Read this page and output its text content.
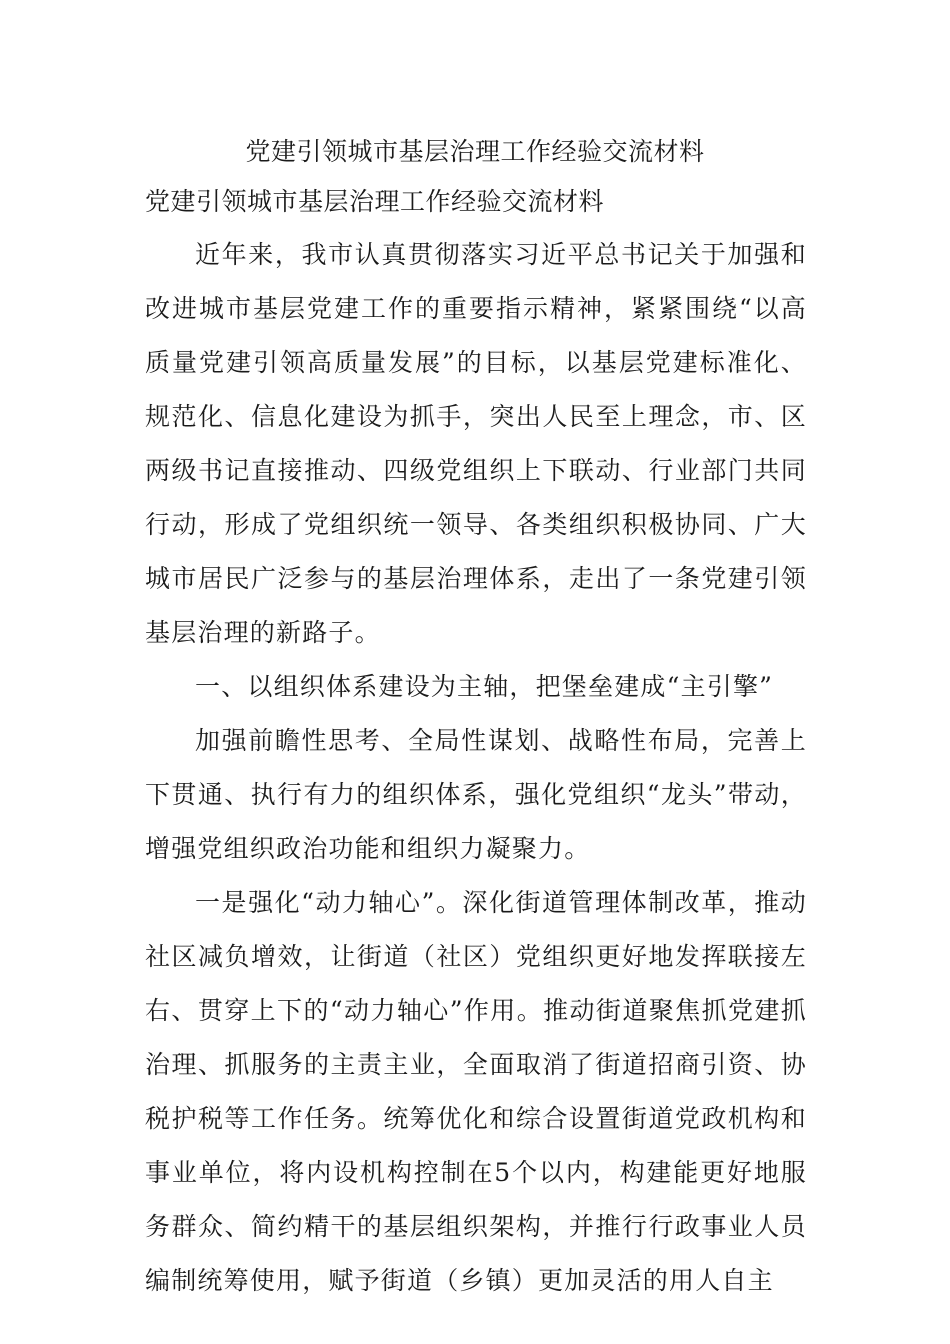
党建引领城市基层治理工作经验交流材料
党建引领城市基层治理工作经验交流材料

近年来，我市认真贯彻落实习近平总书记关于加强和改进城市基层党建工作的重要指示精神，紧紧围绕“以高质量党建引领高质量发展”的目标，以基层党建标准化、规范化、信息化建设为抓手，突出人民至上理念，市、区两级书记直接推动、四级党组织上下联动、行业部门共同行动，形成了党组织统一领导、各类组织积极协同、广大城市居民广泛参与的基层治理体系，走出了一条党建引领基层治理的新路子。

一、以组织体系建设为主轴，把堡垒建成“主引擎”

加强前瞻性思考、全局性谋划、战略性布局，完善上下贯通、执行有力的组织体系，强化党组织“龙头”带动，增强党组织政治功能和组织力凝聚力。

一是强化“动力轴心”。深化街道管理体制改革，推动社区减负增效，让街道（社区）党组织更好地发挥联接左右、贯穿上下的“动力轴心”作用。推动街道聚焦抓党建抓治理、抓服务的主责主业，全面取消了街道招商引资、协税护税等工作任务。统筹优化和综合设置街道党政机构和事业单位，将内设机构控制在5个以内，构建能更好地服务群众、简约精干的基层组织架构，并推行行政事业人员编制统筹使用，赋予街道（乡镇）更加灵活的用人自主
